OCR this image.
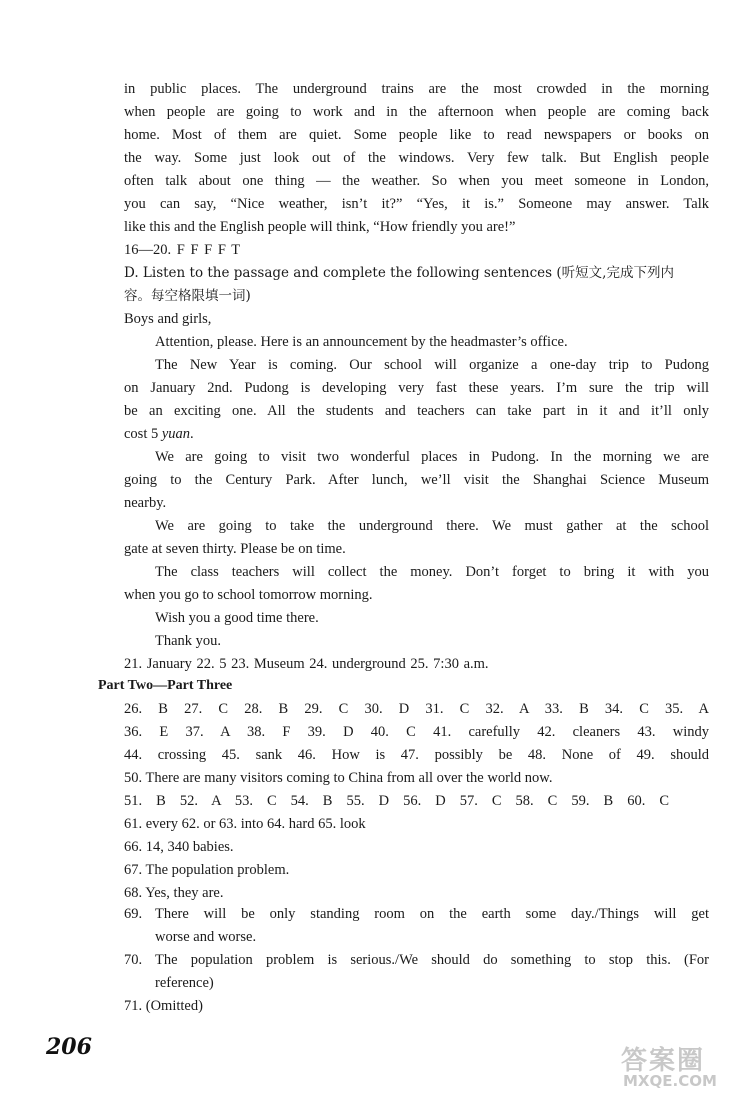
in public places. The underground trains are the most crowded in the morning
when people are going to work and in the afternoon when people are coming back
home. Most of them are quiet. Some people like to read newspapers or books on
the way. Some just look out of the windows. Very few talk. But English people
often talk about one thing — the weather. So when you meet someone in London,
you can say, “Nice weather, isn’t it?” “Yes, it is.” Someone may answer. Talk
like this and the English people will think, “How friendly you are!”
16—20. F F F F T
D. Listen to the passage and complete the following sentences (听短文,完成下列内
容。每空格限填一词)
Boys and girls,
Attention, please. Here is an announcement by the headmaster’s office.
The New Year is coming. Our school will organize a one-day trip to Pudong
on January 2nd. Pudong is developing very fast these years. I’m sure the trip will
be an exciting one. All the students and teachers can take part in it and it’ll only
cost 5 yuan.
We are going to visit two wonderful places in Pudong. In the morning we are
going to the Century Park. After lunch, we’ll visit the Shanghai Science Museum
nearby.
We are going to take the underground there. We must gather at the school
gate at seven thirty. Please be on time.
The class teachers will collect the money. Don’t forget to bring it with you
when you go to school tomorrow morning.
Wish you a good time there.
Thank you.
21. January 22. 5 23. Museum 24. underground 25. 7:30 a.m.
Part Two—Part Three
26. B 27. C 28. B 29. C 30. D 31. C 32. A 33. B 34. C 35. A
36. E 37. A 38. F 39. D 40. C 41. carefully 42. cleaners 43. windy
44. crossing 45. sank 46. How is 47. possibly be 48. None of 49. should
50. There are many visitors coming to China from all over the world now.
51. B 52. A 53. C 54. B 55. D 56. D 57. C 58. C 59. B 60. C
61. every 62. or 63. into 64. hard 65. look
66. 14, 340 babies.
67. The population problem.
68. Yes, they are.
69. There will be only standing room on the earth some day./Things will get
worse and worse.
70. The population problem is serious./We should do something to stop this. (For
reference)
71. (Omitted)
206	答案圈
MXQE.COM
